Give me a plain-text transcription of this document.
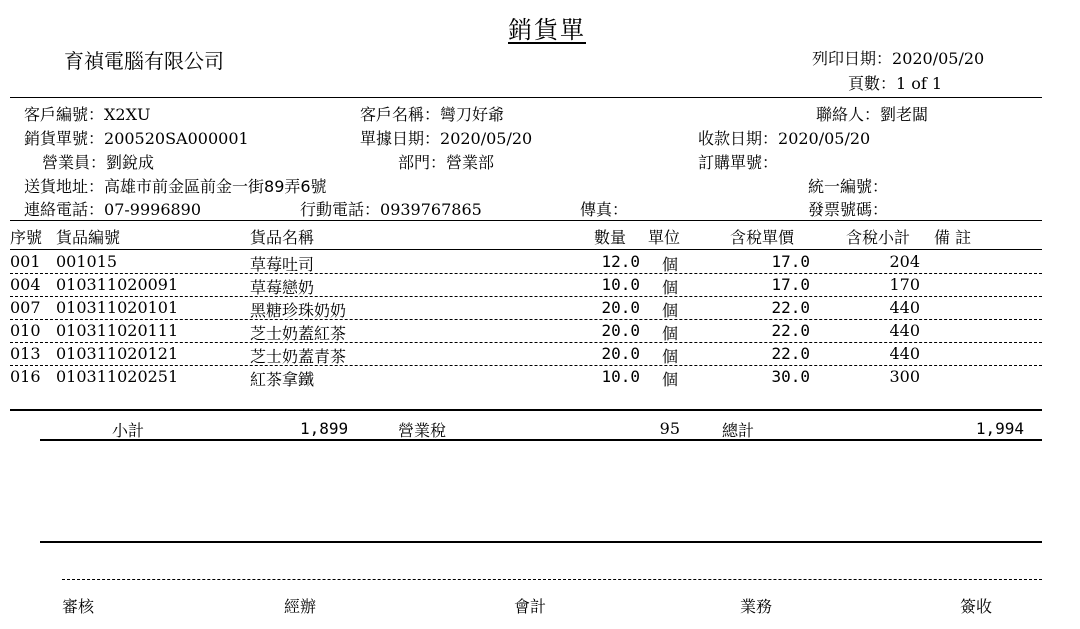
銷貨單
育禎電腦有限公司	列印日期：2020/05/20
頁數：1 of 1
客戶編號：X2XU	客戶名稱：彎刀好爺	聯絡人：劉老闆
銷貨單號：200520SA000001	單據日期：2020/05/20	收款日期：2020/05/20
營業員：劉銳成	部門：營業部	訂購單號：
送貨地址：高雄市前金區前金一街89弄6號	統一編號：
連絡電話：07-9996890	行動電話：0939767865	傳真：	發票號碼：
序號 貨品編號	貨品名稱	數量 單位	含稅單價	含稅小計 備 註
001 001015	草莓吐司	12.0 個	17.0	204
004 010311020091	草莓戀奶	10.0 個	17.0	170
007 010311020101	黑糖珍珠奶奶	20.0 個	22.0	440
010 010311020111	芝士奶蓋紅茶	20.0 個	22.0	440
013 010311020121	芝士奶蓋青茶	20.0 個	22.0	440
016 010311020251	紅茶拿鐵	10.0 個	30.0	300
小計	1,899	營業稅	95	總計	1,994
審核	經辦	會計	業務	簽收
